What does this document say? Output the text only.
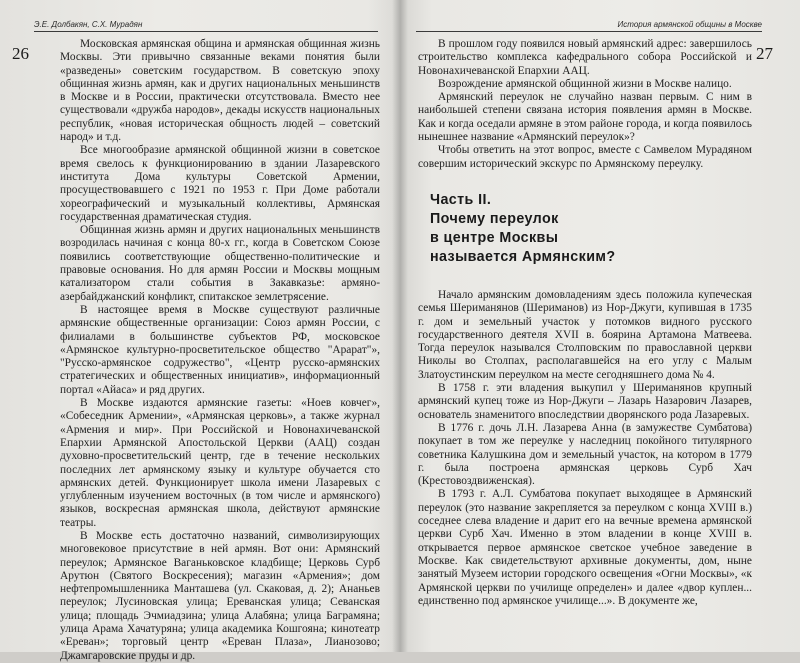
Э.Е. Долбакян, С.Х. Мурадян
26	Московская армянская община и армянская общинная жизнь Москвы. Эти привычно связанные веками понятия были «разведены» советским государством. В советскую эпоху общинная жизнь армян, как и других национальных меньшинств в Москве и в России, практически отсутствовала. Вместо нее существовали «дружба народов», декады искусств национальных республик, «новая историческая общность людей – советский народ» и т.д.

Все многообразие армянской общинной жизни в советское время свелось к функционированию в здании Лазаревского института Дома культуры Советской Армении, просуществовавшего с 1921 по 1953 г. При Доме работали хореографический и музыкальный коллективы, Армянская государственная драматическая студия.

Общинная жизнь армян и других национальных меньшинств возродилась начиная с конца 80-х гг., когда в Советском Союзе появились соответствующие общественно-политические и правовые основания. Но для армян России и Москвы мощным катализатором стали события в Закавказье: армяно-азербайджанский конфликт, спитакское землетрясение.

В настоящее время в Москве существуют различные армянские общественные организации: Союз армян России, с филиалами в большинстве субъектов РФ, московское «Армянское культурно-просветительское общество "Арарат"», "Русско-армянское содружество", «Центр русско-армянских стратегических и общественных инициатив», информационный портал «Айаса» и ряд других.

В Москве издаются армянские газеты: «Ноев ковчег», «Собеседник Армении», «Армянская церковь», а также журнал «Армения и мир». При Российской и Новонахичеванской Епархии Армянской Апостольской Церкви (ААЦ) создан духовно-просветительский центр, где в течение нескольких последних лет армянскому языку и культуре обучается сто армянских детей. Функционирует школа имени Лазаревых с углубленным изучением восточных (в том числе и армянского) языков, воскресная армянская школа, действуют армянские театры.

В Москве есть достаточно названий, символизирующих многовековое присутствие в ней армян. Вот они: Армянский переулок; Армянское Ваганьковское кладбище; Церковь Сурб Арутюн (Святого Воскресения); магазин «Армения»; дом нефтепромышленника Манташева (ул. Скаковая, д. 2); Ананьев переулок; Лусиновская улица; Ереванская улица; Севанская улица; площадь Эчмиадзина; улица Алабяна; улица Баграмяна; улица Арама Хачатуряна; улица академика Кошгояна; кинотеатр «Ереван»; торговый центр «Ереван Плаза», Лианозово; Джамгаровские пруды и др.

История армянской общины в Москве
27

В прошлом году появился новый армянский адрес: завершилось строительство комплекса кафедрального собора Российской и Новонахичеванской Епархии ААЦ.

Возрождение армянской общинной жизни в Москве налицо.

Армянский переулок не случайно назван первым. С ним в наибольшей степени связана история появления армян в Москве. Как и когда оседали армяне в этом районе города, и когда появилось нынешнее название «Армянский переулок»?

Чтобы ответить на этот вопрос, вместе с Самвелом Мурадяном совершим исторический экскурс по Армянскому переулку.

Часть II.
Почему переулок
в центре Москвы
называется Армянским?

Начало армянским домовладениям здесь положила купеческая семья Шериманянов (Шериманов) из Нор-Джуги, купившая в 1735 г. дом и земельный участок у потомков видного русского государственного деятеля XVII в. боярина Артамона Матвеева. Тогда переулок назывался Столповским по православной церкви Николы во Столпах, располагавшейся на его углу с Малым Златоустинским переулком на месте сегодняшнего дома № 4.

В 1758 г. эти владения выкупил у Шериманянов крупный армянский купец тоже из Нор-Джуги – Лазарь Назарович Лазарев, основатель знаменитого впоследствии дворянского рода Лазаревых.

В 1776 г. дочь Л.Н. Лазарева Анна (в замужестве Сумбатова) покупает в том же переулке у наследниц покойного титулярного советника Калушкина дом и земельный участок, на котором в 1779 г. была построена армянская церковь Сурб Хач (Крестовоздвиженская).

В 1793 г. А.Л. Сумбатова покупает выходящее в Армянский переулок (это название закрепляется за переулком с конца XVIII в.) соседнее слева владение и дарит его на вечные времена армянской церкви Сурб Хач. Именно в этом владении в конце XVIII в. открывается первое армянское светское учебное заведение в Москве. Как свидетельствуют архивные документы, дом, ныне занятый Музеем истории городского освещения «Огни Москвы», «к Армянской церкви по училище определен» и далее «двор куплен... единственно под армянское училище...». В документе же,
